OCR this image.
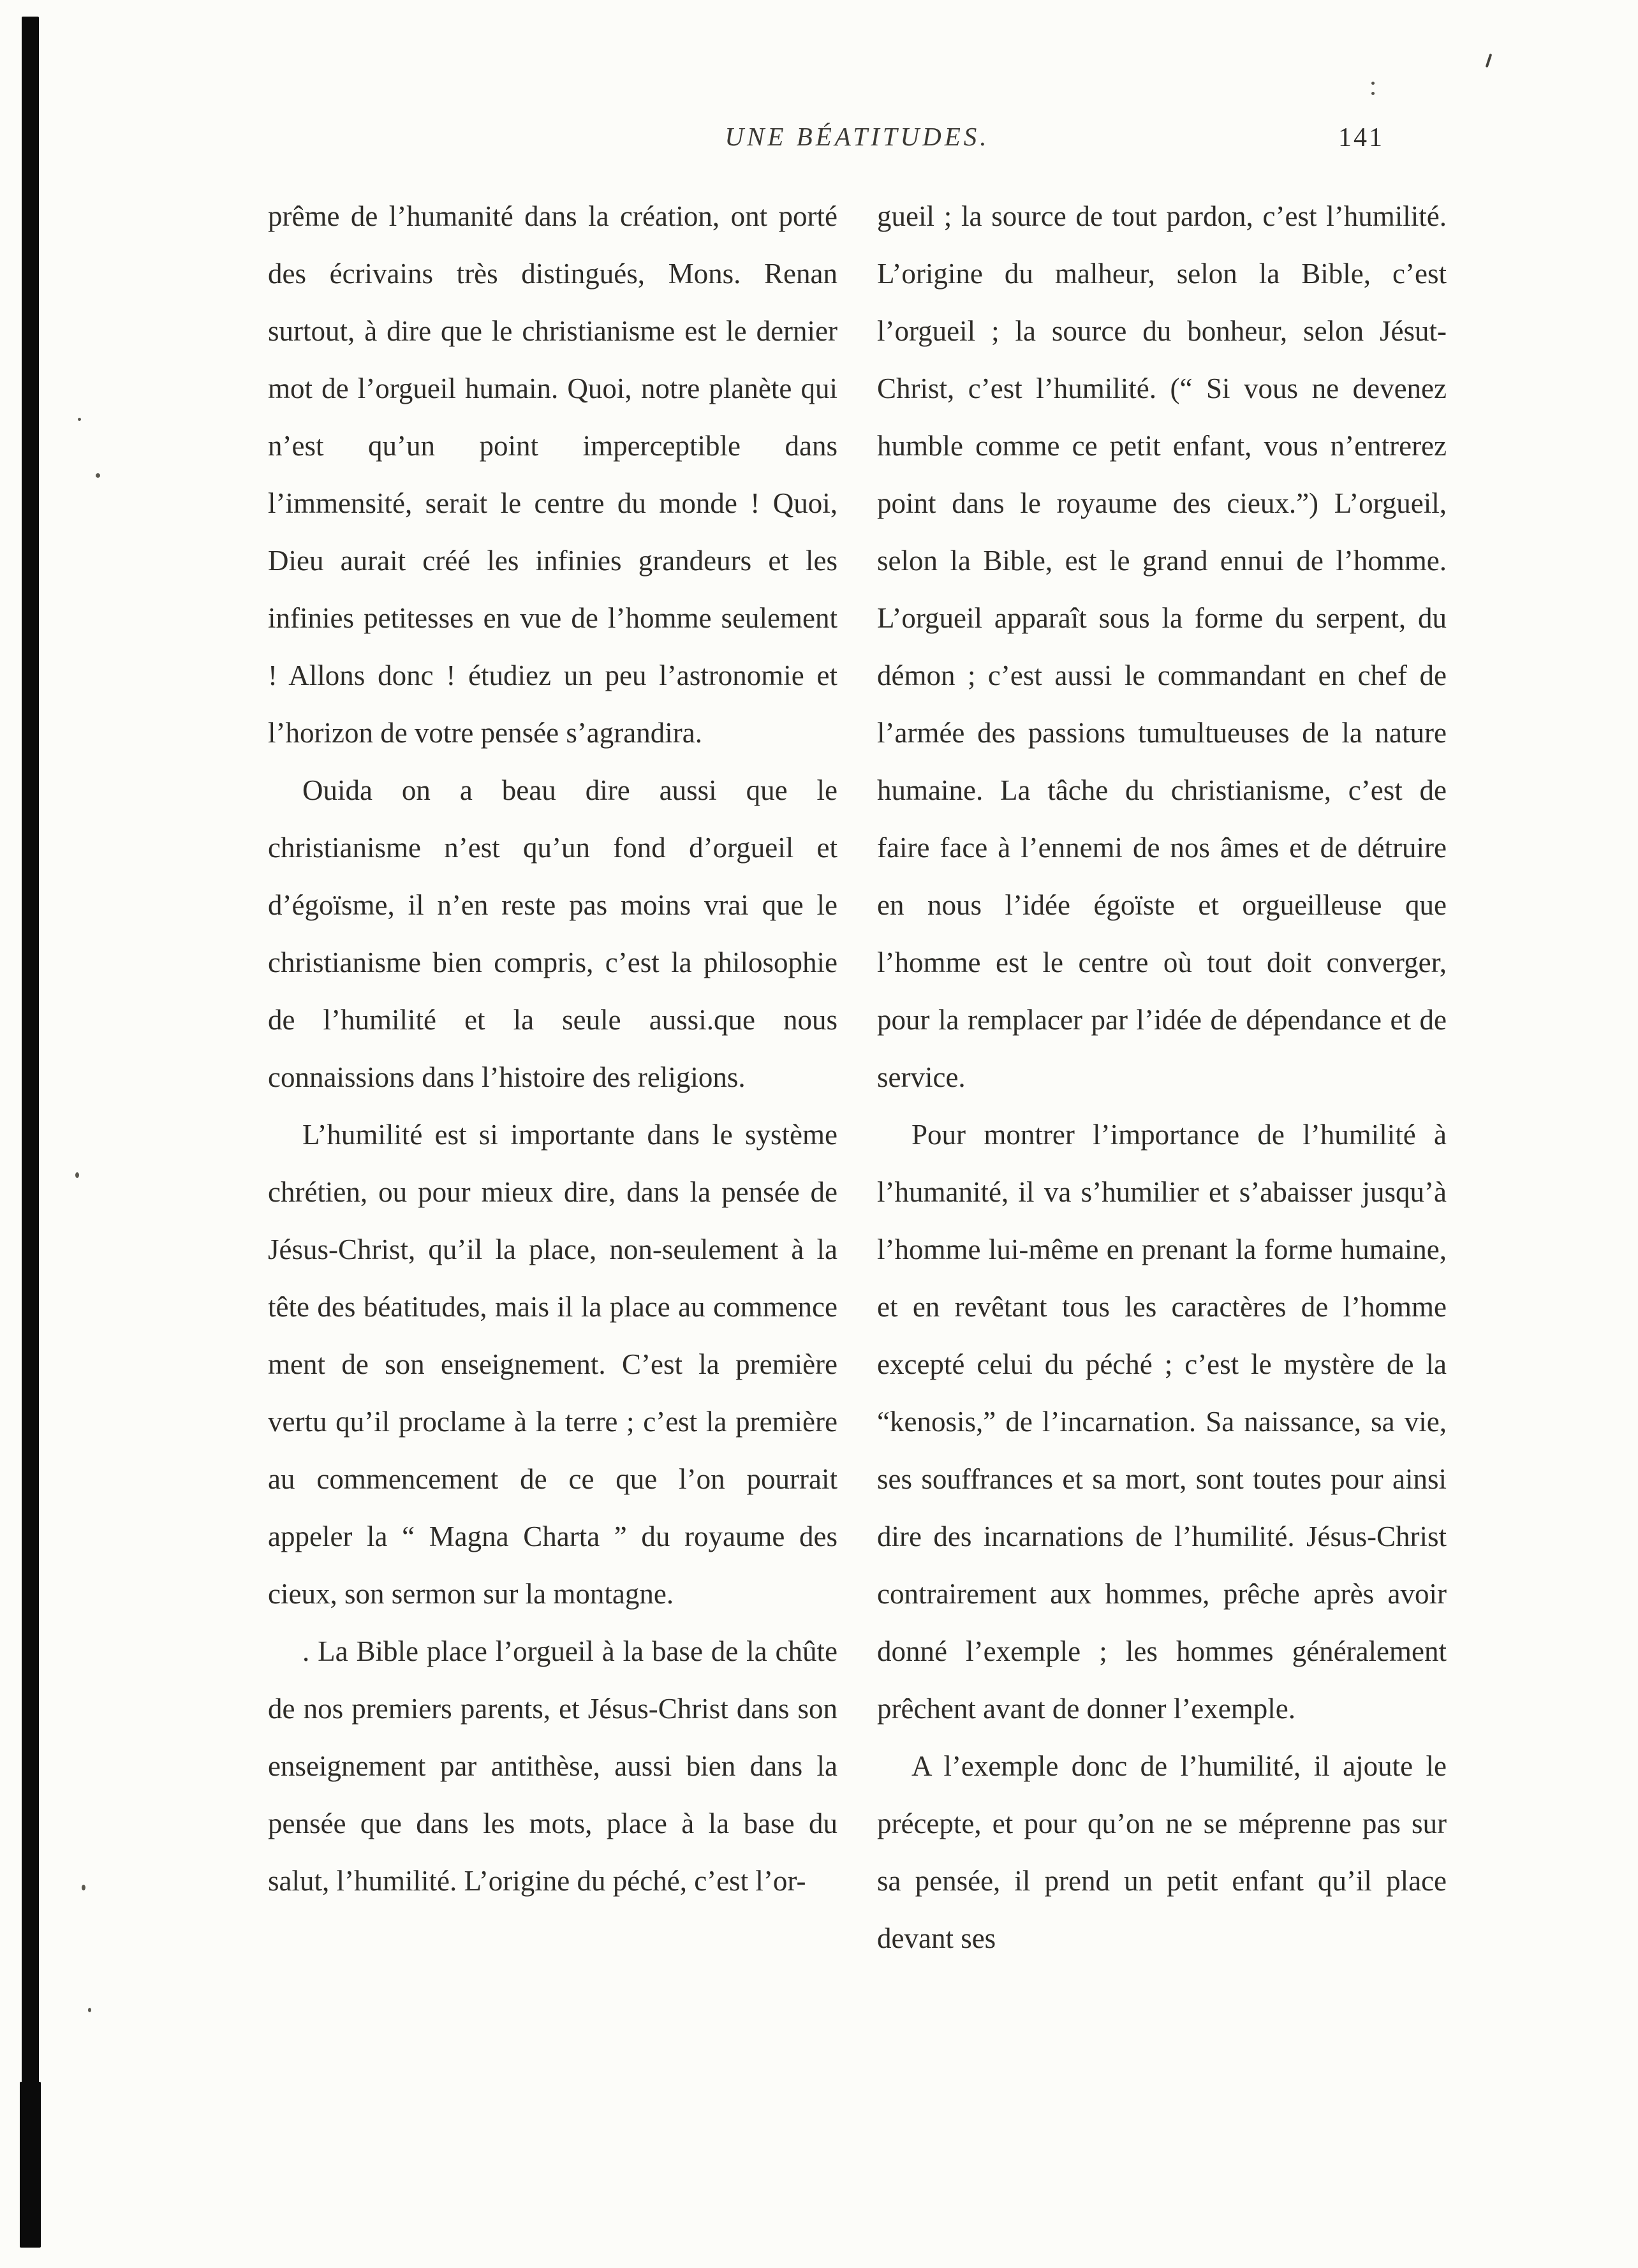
UNE BÉATITUDES.	141

prême de l’humanité dans la création, ont porté des écrivains très distingués, Mons. Renan surtout, à dire que le christianisme est le dernier mot de l’orgueil humain. Quoi, notre planète qui n’est qu’un point imperceptible dans l’immensité, serait le centre du monde ! Quoi, Dieu aurait créé les infinies grandeurs et les infinies petitesses en vue de l’homme seulement ! Allons donc ! étudiez un peu l’astronomie et l’horizon de votre pensée s’agrandira.

Ouida on a beau dire aussi que le christianisme n’est qu’un fond d’orgueil et d’égoïsme, il n’en reste pas moins vrai que le christianisme bien compris, c’est la philosophie de l’humilité et la seule aussi.que nous connaissions dans l’histoire des religions.

L’humilité est si importante dans le système chrétien, ou pour mieux dire, dans la pensée de Jésus-Christ, qu’il la place, non-seulement à la tête des béatitudes, mais il la place au commence ment de son enseignement. C’est la première vertu qu’il proclame à la terre ; c’est la première au commencement de ce que l’on pourrait appeler la “ Magna Charta ” du royaume des cieux, son sermon sur la montagne.

. La Bible place l’orgueil à la base de la chûte de nos premiers parents, et Jésus-Christ dans son enseignement par antithèse, aussi bien dans la pensée que dans les mots, place à la base du salut, l’humilité. L’origine du péché, c’est l’or-

gueil ; la source de tout pardon, c’est l’humilité. L’origine du malheur, selon la Bible, c’est l’orgueil ; la source du bonheur, selon Jésut-Christ, c’est l’humilité. (“ Si vous ne devenez humble comme ce petit enfant, vous n’entrerez point dans le royaume des cieux.”) L’orgueil, selon la Bible, est le grand ennui de l’homme. L’orgueil apparaît sous la forme du serpent, du démon ; c’est aussi le commandant en chef de l’armée des passions tumultueuses de la nature humaine. La tâche du christianisme, c’est de faire face à l’ennemi de nos âmes et de détruire en nous l’idée égoïste et orgueilleuse que l’homme est le centre où tout doit converger, pour la remplacer par l’idée de dépendance et de service.

Pour montrer l’importance de l’humilité à l’humanité, il va s’humilier et s’abaisser jusqu’à l’homme lui-même en prenant la forme humaine, et en revêtant tous les caractères de l’homme excepté celui du péché ; c’est le mystère de la “kenosis,” de l’incarnation. Sa naissance, sa vie, ses souffrances et sa mort, sont toutes pour ainsi dire des incarnations de l’humilité. Jésus-Christ contrairement aux hommes, prêche après avoir donné l’exemple ; les hommes généralement prêchent avant de donner l’exemple.

A l’exemple donc de l’humilité, il ajoute le précepte, et pour qu’on ne se méprenne pas sur sa pensée, il prend un petit enfant qu’il place devant ses
